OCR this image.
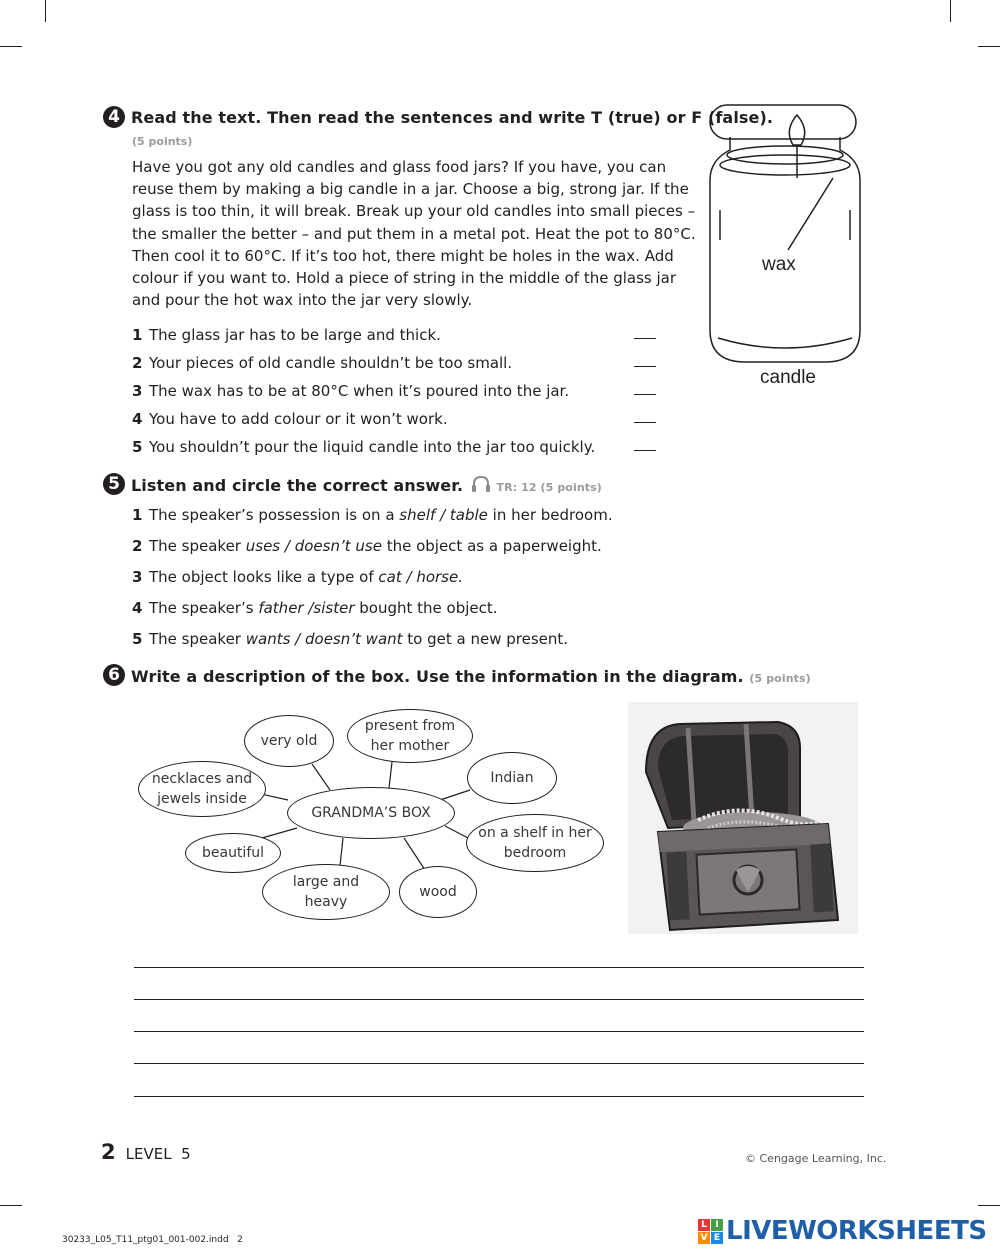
4 Read the text. Then read the sentences and write T (true) or F (false).
(5 points)
Have you got any old candles and glass food jars? If you have, you can reuse them by making a big candle in a jar. Choose a big, strong jar. If the glass is too thin, it will break. Break up your old candles into small pieces – the smaller the better – and put them in a metal pot. Heat the pot to 80°C. Then cool it to 60°C. If it’s too hot, there might be holes in the wax. Add colour if you want to. Hold a piece of string in the middle of the glass jar and pour the hot wax into the jar very slowly.
1 The glass jar has to be large and thick.
2 Your pieces of old candle shouldn’t be too small.
3 The wax has to be at 80°C when it’s poured into the jar.
4 You have to add colour or it won’t work.
5 You shouldn’t pour the liquid candle into the jar too quickly.
wax
candle
5 Listen and circle the correct answer.	TR: 12 (5 points)
1 The speaker’s possession is on a shelf / table in her bedroom.
2 The speaker uses / doesn’t use the object as a paperweight.
3 The object looks like a type of cat / horse.
4 The speaker’s father /sister bought the object.
5 The speaker wants / doesn’t want to get a new present.
6 Write a description of the box. Use the information in the diagram. (5 points)
GRANDMA’S BOX
very old
present from her mother
Indian
necklaces and jewels inside
on a shelf in her bedroom
beautiful
large and heavy
wood
2 LEVEL  5	© Cengage Learning, Inc.
30233_L05_T11_ptg01_001-002.indd   2
L I
V E LIVEWORKSHEETS
